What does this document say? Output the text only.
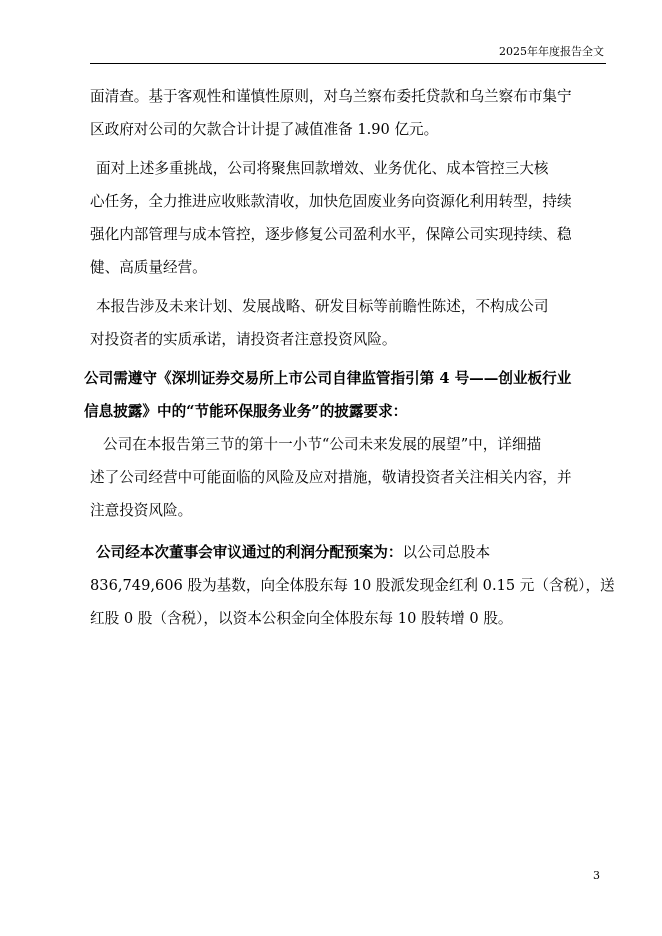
2025年年度报告全文
面清查。基于客观性和谨慎性原则，对乌兰察布委托贷款和乌兰察布市集宁
区政府对公司的欠款合计计提了减值准备 1.90 亿元。
面对上述多重挑战，公司将聚焦回款增效、业务优化、成本管控三大核
心任务，全力推进应收账款清收，加快危固废业务向资源化利用转型，持续
强化内部管理与成本管控，逐步修复公司盈利水平，保障公司实现持续、稳
健、高质量经营。
本报告涉及未来计划、发展战略、研发目标等前瞻性陈述，不构成公司
对投资者的实质承诺，请投资者注意投资风险。
公司需遵守《深圳证券交易所上市公司自律监管指引第 4 号——创业板行业
信息披露》中的“节能环保服务业务”的披露要求：
公司在本报告第三节的第十一小节“公司未来发展的展望”中，详细描
述了公司经营中可能面临的风险及应对措施，敬请投资者关注相关内容，并
注意投资风险。
公司经本次董事会审议通过的利润分配预案为：以公司总股本
836,749,606 股为基数，向全体股东每 10 股派发现金红利 0.15 元（含税），送
红股 0 股（含税），以资本公积金向全体股东每 10 股转增 0 股。
3
